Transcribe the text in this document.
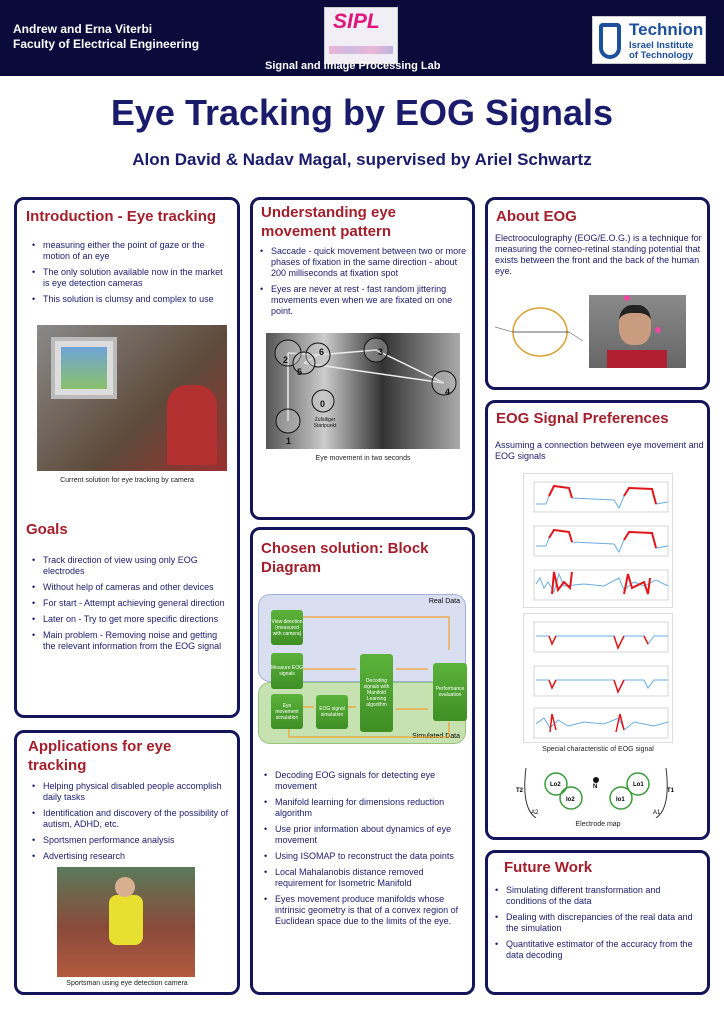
Andrew and Erna Viterbi
Faculty of Electrical Engineering
SIPL
Signal and Image Processing Lab
Technion
Israel Institute
of Technology
Eye Tracking by EOG Signals
Alon David & Nadav Magal, supervised by Ariel Schwartz
Introduction - Eye tracking
• measuring either the point of gaze or the motion of an eye
• The only solution available now in the market is eye detection cameras
• This solution is clumsy and complex to use
Current solution for eye tracking by camera
Goals
• Track direction of view using only EOG electrodes
• Without help of cameras and other devices
• For start - Attempt achieving general direction
• Later on - Try to get more specific directions
• Main problem - Removing noise and getting the relevant information from the EOG signal
Applications for eye tracking
• Helping physical disabled people accomplish daily tasks
• Identification and discovery of the possibility of autism, ADHD, etc.
• Sportsmen performance analysis
• Advertising research
Sportsman using eye detection camera
Understanding eye movement pattern
• Saccade - quick movement between two or more phases of fixation in the same direction - about 200 milliseconds at fixation spot
• Eyes are never at rest - fast random jittering movements even when we are fixated on one point.
2
6
5
3
4
0
1
Zufälliger Startpunkt
Eye movement in two seconds
Chosen solution: Block Diagram
Real Data
Simulated Data
View direction (measured with camera)
Measure EOG signals
Decoding signals with Manifold Learning algorithm
Performance evaluation
Eye movement simulation
EOG signal simulation
• Decoding EOG signals for detecting eye movement
• Manifold learning for dimensions reduction algorithm
• Use prior information about dynamics of eye movement
• Using ISOMAP to reconstruct the data points
• Local Mahalanobis distance removed requirement for Isometric Manifold
• Eyes movement produce manifolds whose intrinsic geometry is that of a convex region of Euclidean space due to the limits of the eye.
About EOG

Electrooculography (EOG/E.O.G.) is a technique for measuring the corneo-retinal standing potential that exists between the front and the back of the human eye.

EOG Signal Preferences

Assuming a connection between eye movement and EOG signals

Special characteristic of EOG signal
N
Lo2
Io2	Io1
Lo1
T2	T1
A2	A1
Electrode map
Future Work
• Simulating different transformation and conditions of the data
• Dealing with discrepancies of the real data and the simulation
• Quantitative estimator of the accuracy from the data decoding
